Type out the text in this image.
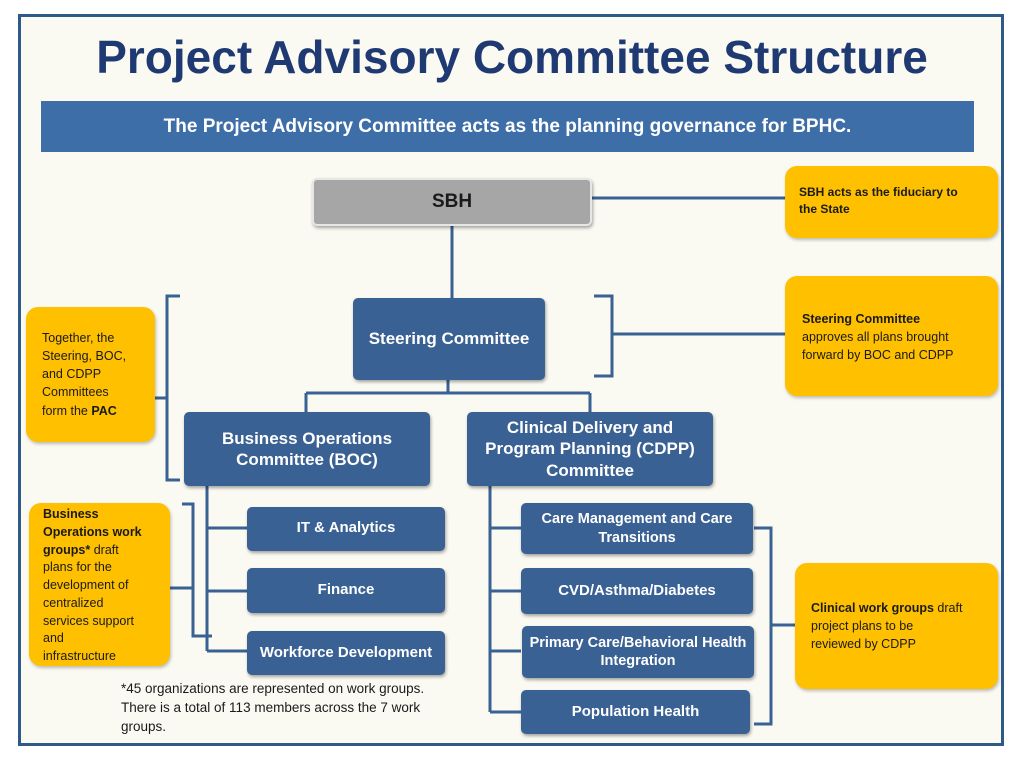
Project Advisory Committee Structure
The Project Advisory Committee acts as the planning governance for BPHC.
SBH
Steering Committee
Business Operations
Committee (BOC)
Clinical Delivery and
Program Planning (CDPP)
Committee
IT & Analytics
Finance
Workforce Development
Care Management and Care
Transitions
CVD/Asthma/Diabetes
Primary Care/Behavioral Health
Integration
Population Health
SBH acts as the fiduciary to
the State
Steering Committee
approves all plans brought
forward by BOC and CDPP
Together, the
Steering, BOC,
and CDPP
Committees
form the PAC
Business
Operations work
groups* draft
plans for the
development of
centralized
services support
and
infrastructure
Clinical work groups draft
project plans to be
reviewed by CDPP
*45 organizations are represented on work groups.
There is a total of 113 members across the 7 work
groups.
